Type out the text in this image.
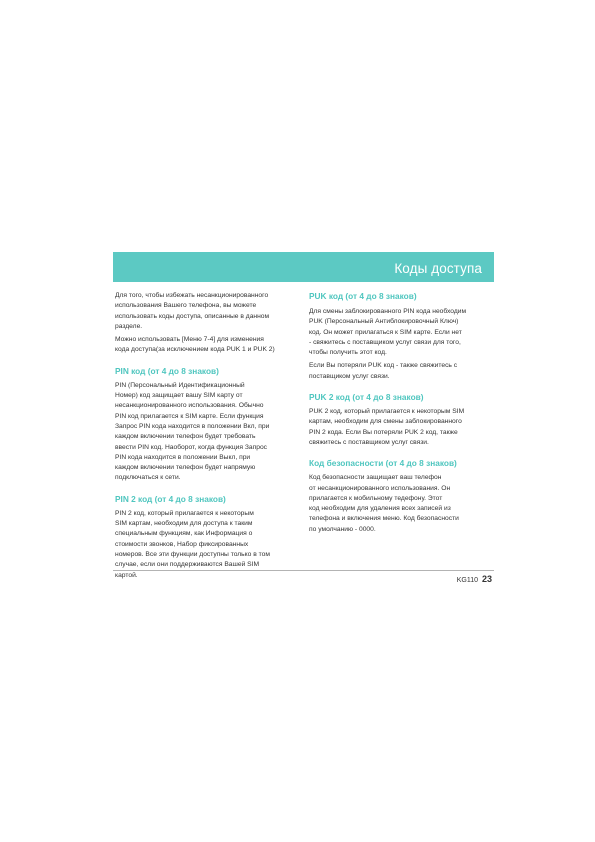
Коды доступа

Для того, чтобы избежать несанкционированного
использования Вашего телефона, вы можете
использовать коды доступа, описанные в данном
разделе.

Можно использовать [Меню 7-4] для изменения
кода доступа(за исключением кода PUK 1 и PUK 2)

PIN код (от 4 до 8 знаков)

PIN (Персональный Идентификационный
Номер) код защищает вашу SIM карту от
несанкционированного использования. Обычно
PIN код прилагается к SIM карте. Если функция
Запрос PIN кода находится в положении Вкл, при
каждом включении телефон будет требовать
ввести PIN код. Наоборот, когда функция Запрос
PIN кода находится в положении Выкл, при
каждом включении телефон будет напрямую
подключаться к сети.

PIN 2 код (от 4 до 8 знаков)

PIN 2 код, который прилагается к некоторым
SIM картам, необходим для доступа к таким
специальным функциям, как Информация о
стоимости звонков, Набор фиксированных
номеров. Все эти функции доступны только в том
случае, если они поддерживаются Вашей SIM
картой.

PUK код (от 4 до 8 знаков)

Для смены заблокированного PIN кода необходим
PUK (Персональный Антиблокировочный Ключ)
код. Он может прилагаться к SIM карте. Если нет
- свяжитесь с поставщиком услуг связи для того,
чтобы получить этот код.

Если Вы потеряли PUK код - также свяжитесь с
поставщиком услуг связи.

PUK 2 код (от 4 до 8 знаков)

PUK 2 код, который прилагается к некоторым SIM
картам, необходим для смены заблокированного
PIN 2 кода. Если Вы потеряли PUK 2 код, также
свяжитесь с поставщиком услуг связи.

Код безопасности (от 4 до 8 знаков)

Код безопасности защищает ваш телефон
от несанкционированного использования. Он
прилагается к мобильному тедефону. Этот
код необходим для удаления всех записей из
телефона и включения меню. Код безопасности
по умолчанию - 0000.

KG110 23
